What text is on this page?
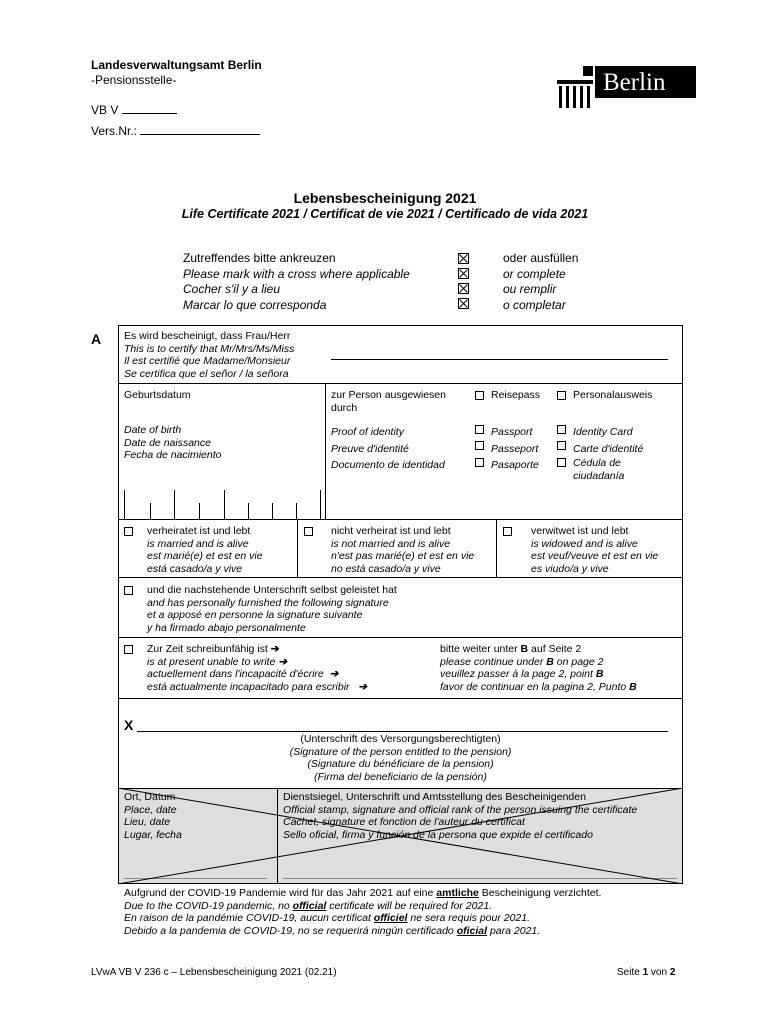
Landesverwaltungsamt Berlin
-Pensionsstelle-
VB V
Vers.Nr.:
Berlin
Lebensbescheinigung 2021
Life Certificate 2021 / Certificat de vie 2021 / Certificado de vida 2021
Zutreffendes bitte ankreuzen
Please mark with a cross where applicable
Cocher s'il y a lieu
Marcar lo que corresponda
oder ausfüllen
or complete
ou remplir
o completar
A Es wird bescheinigt, dass Frau/Herr
This is to certify that Mr/Mrs/Ms/Miss
Il est certifié que Madame/Monsieur
Se certifica que el señor / la señora
Geburtsdatum
Date of birth
Date de naissance
Fecha de nacimiento
zur Person ausgewiesen
durch
Proof of identity
Preuve d'identité
Documento de identidad
Reisepass
Passport
Passeport
Pasaporte
Personalausweis
Identity Card
Carte d'identité
Cédula de
ciudadanía
verheiratet ist und lebt
is married and is alive
est marié(e) et est en vie
está casado/a y vive
nicht verheirat ist und lebt
is not married and is alive
n'est pas marié(e) et est en vie
no está casado/a y vive
verwitwet ist und lebt
is widowed and is alive
est veuf/veuve et est en vie
es viudo/a y vive
und die nachstehende Unterschrift selbst geleistet hat
and has personally furnished the following signature
et a apposé en personne la signature suivante
y ha firmado abajo personalmente
Zur Zeit schreibunfähig ist ➔
is at present unable to write ➔
actuellement dans l'incapacité d'écrire ➔
está actualmente incapacitado para escribir ➔
bitte weiter unter B auf Seite 2
please continue under B on page 2
veuillez passer à la page 2, point B
favor de continuar en la pagina 2, Punto B
X
(Unterschrift des Versorgungsberechtigten)
(Signature of the person entitled to the pension)
(Signature du bénéficiare de la pension)
(Firma del beneficiario de la pensión)
Ort, Datum
Place, date
Lieu, date
Lugar, fecha
Dienstsiegel, Unterschrift und Amtsstellung des Bescheinigenden
Official stamp, signature and official rank of the person issuing the certificate
Cachet, signature et fonction de l'auteur du certificat
Sello oficial, firma y función de la persona que expide el certificado
Aufgrund der COVID-19 Pandemie wird für das Jahr 2021 auf eine amtliche Bescheinigung verzichtet.
Due to the COVID-19 pandemic, no official certificate will be required for 2021.
En raison de la pandémie COVID-19, aucun certificat officiel ne sera requis pour 2021.
Debido a la pandemia de COVID-19, no se requerirá ningún certificado oficial para 2021.
LVwA VB V 236 c – Lebensbescheinigung 2021 (02.21)	Seite 1 von 2
